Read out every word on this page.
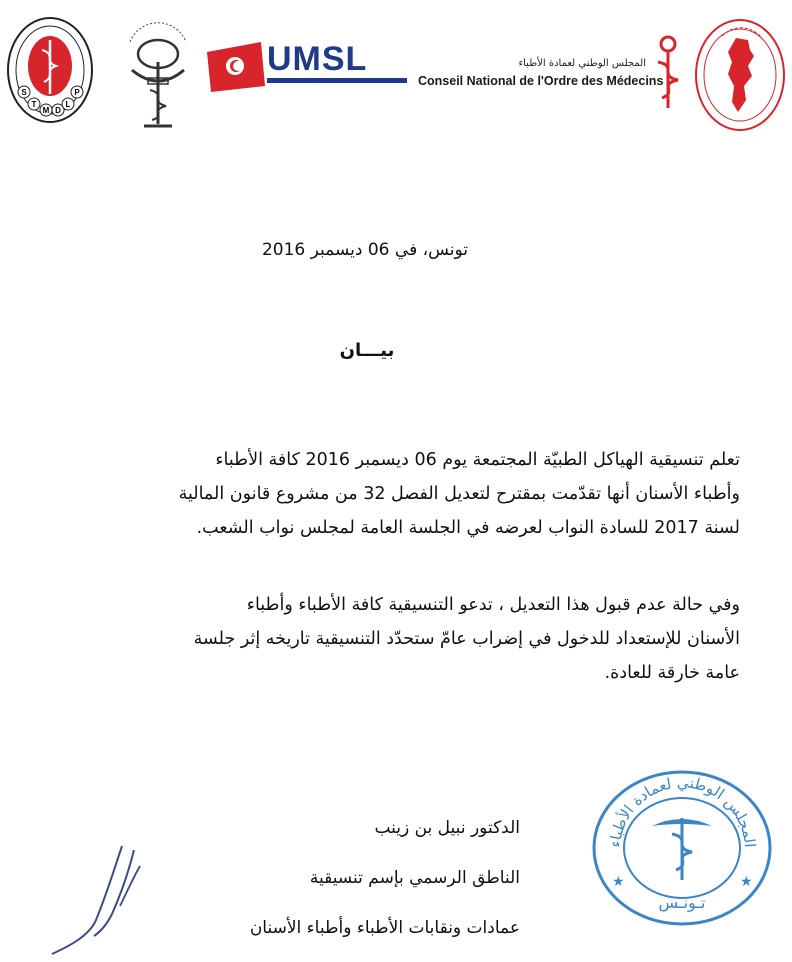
S
T
M D
L
P
UMSL	المجلس الوطني لعمادة الأطباء
Conseil National de l'Ordre des Médecins
تونس، في 06 ديسمبر 2016
بيـــان
تعلم تنسيقية الهياكل الطبيّة المجتمعة يوم 06 ديسمبر 2016 كافة الأطباء
وأطباء الأسنان أنها تقدّمت بمقترح لتعديل الفصل 32 من مشروع قانون المالية
لسنة 2017 للسادة النواب لعرضه في الجلسة العامة لمجلس نواب الشعب.
وفي حالة عدم قبول هذا التعديل ، تدعو التنسيقية كافة الأطباء وأطباء
الأسنان للإستعداد للدخول في إضراب عامّ ستحدّد التنسيقية تاريخه إثر جلسة
عامة خارقة للعادة.
الدكتور نبيل بن زينب
الناطق الرسمي بإسم تنسيقية
عمادات ونقابات الأطباء وأطباء الأسنان
المجلس الوطني لعمادة الأطباء
★	★
تـونـس
